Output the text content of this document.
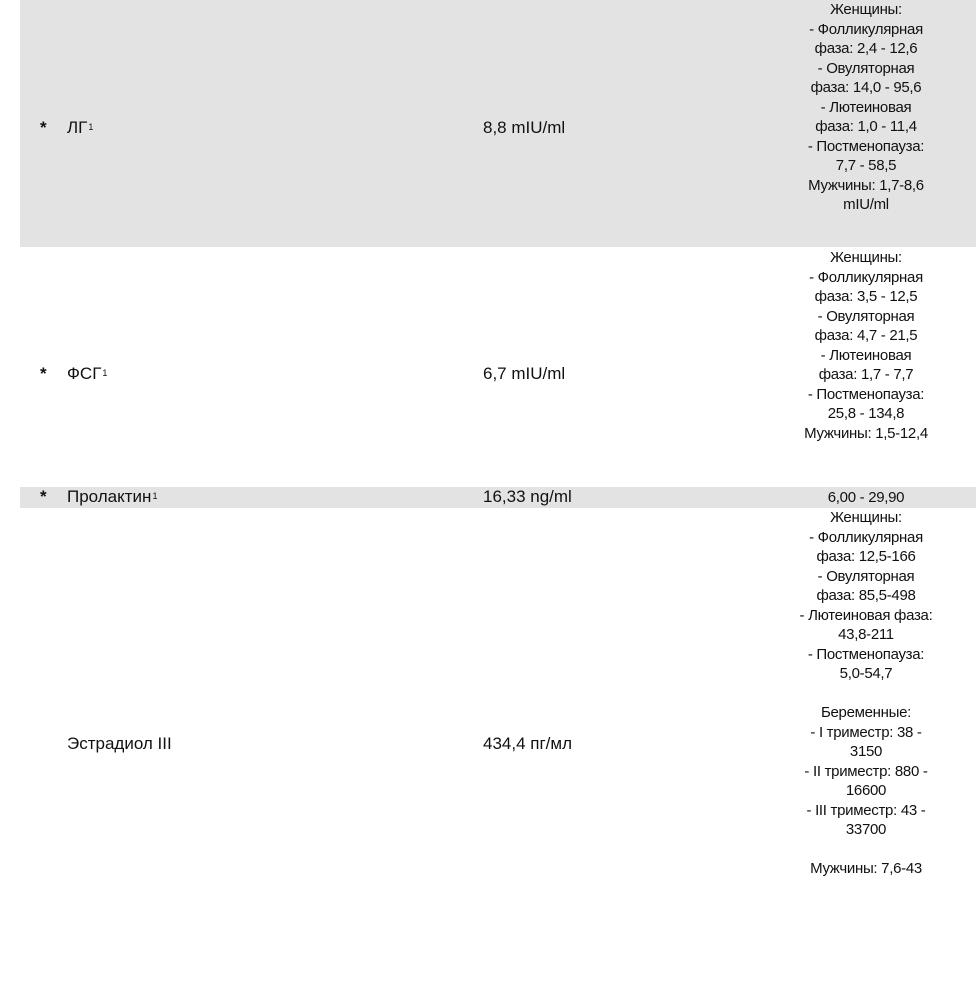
* $ЛГ^1$	8,8 mIU/ml
Женщины:
- Фолликулярная
фаза: 2,4 - 12,6
- Овуляторная
фаза: 14,0 - 95,6
- Лютеиновая
фаза: 1,0 - 11,4
- Постменопауза:
7,7 - 58,5
Мужчины: 1,7-8,6
mIU/ml
* ФСГ$^1$	6,7 mIU/ml
Женщины:
- Фолликулярная
фаза: 3,5 - 12,5
- Овуляторная
фаза: 4,7 - 21,5
- Лютеиновая
фаза: 1,7 - 7,7
- Постменопауза:
25,8 - 134,8
Мужчины: 1,5-12,4
* Пролактин$^1$	16,33 ng/ml	6,00 - 29,90
Эстрадиол III	434,4 пг/мл
Женщины:
- Фолликулярная
фаза: 12,5-166
- Овуляторная
фаза: 85,5-498
- Лютеиновая фаза:
43,8-211
- Постменопауза:
5,0-54,7
Беременные:
- I триместр: 38 -
3150
- II триместр: 880 -
16600
- III триместр: 43 -
33700
Мужчины: 7,6-43
